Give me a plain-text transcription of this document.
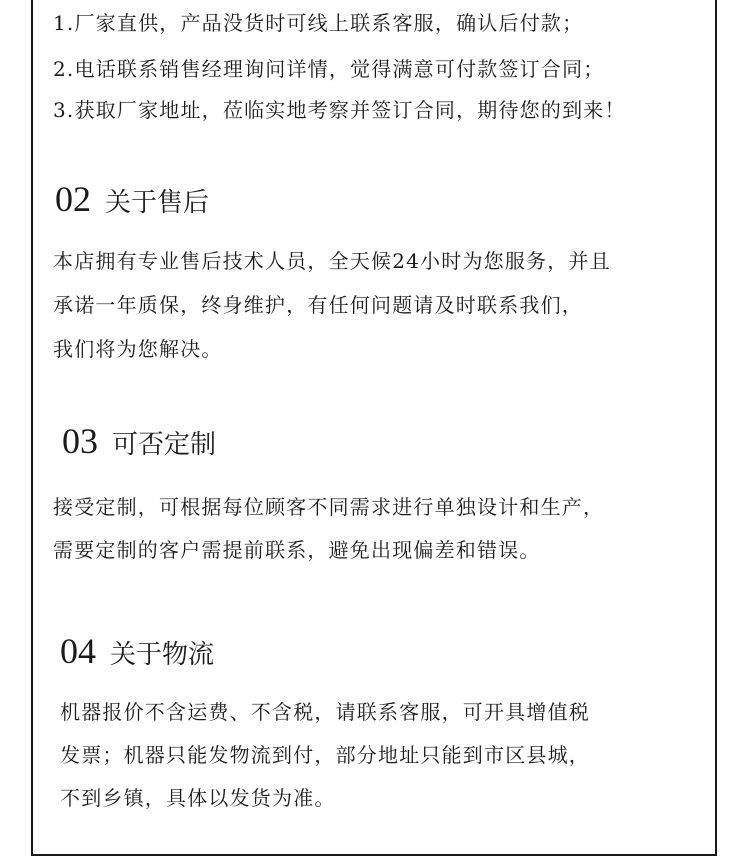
1.厂家直供，产品没货时可线上联系客服，确认后付款；
2.电话联系销售经理询问详情，觉得满意可付款签订合同；
3.获取厂家地址，莅临实地考察并签订合同，期待您的到来！
02 关于售后
本店拥有专业售后技术人员，全天候24小时为您服务，并且
承诺一年质保，终身维护，有任何问题请及时联系我们，
我们将为您解决。
03 可否定制
接受定制，可根据每位顾客不同需求进行单独设计和生产，
需要定制的客户需提前联系，避免出现偏差和错误。
04 关于物流
机器报价不含运费、不含税，请联系客服，可开具增值税
发票；机器只能发物流到付，部分地址只能到市区县城，
不到乡镇，具体以发货为准。
